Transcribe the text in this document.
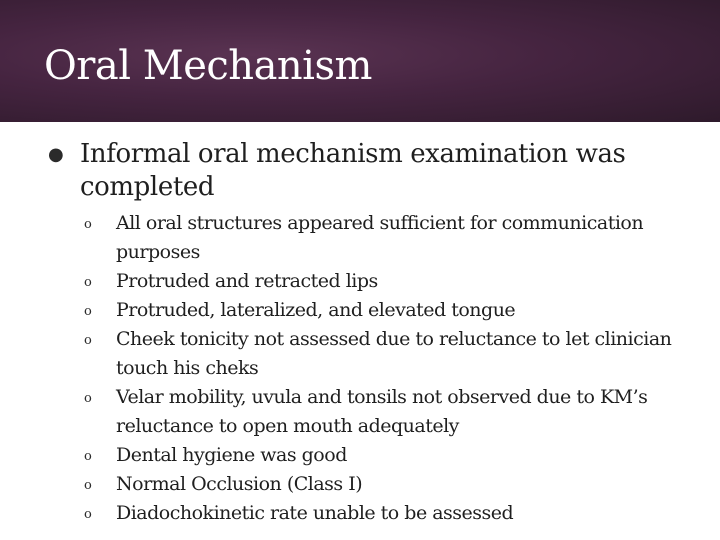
Oral Mechanism
● Informal oral mechanism examination was completed
o All oral structures appeared sufficient for communication purposes
o Protruded and retracted lips
o Protruded, lateralized, and elevated tongue
o Cheek tonicity not assessed due to reluctance to let clinician touch his cheks
o Velar mobility, uvula and tonsils not observed due to KM’s reluctance to open mouth adequately
o Dental hygiene was good
o Normal Occlusion (Class I)
o Diadochokinetic rate unable to be assessed
